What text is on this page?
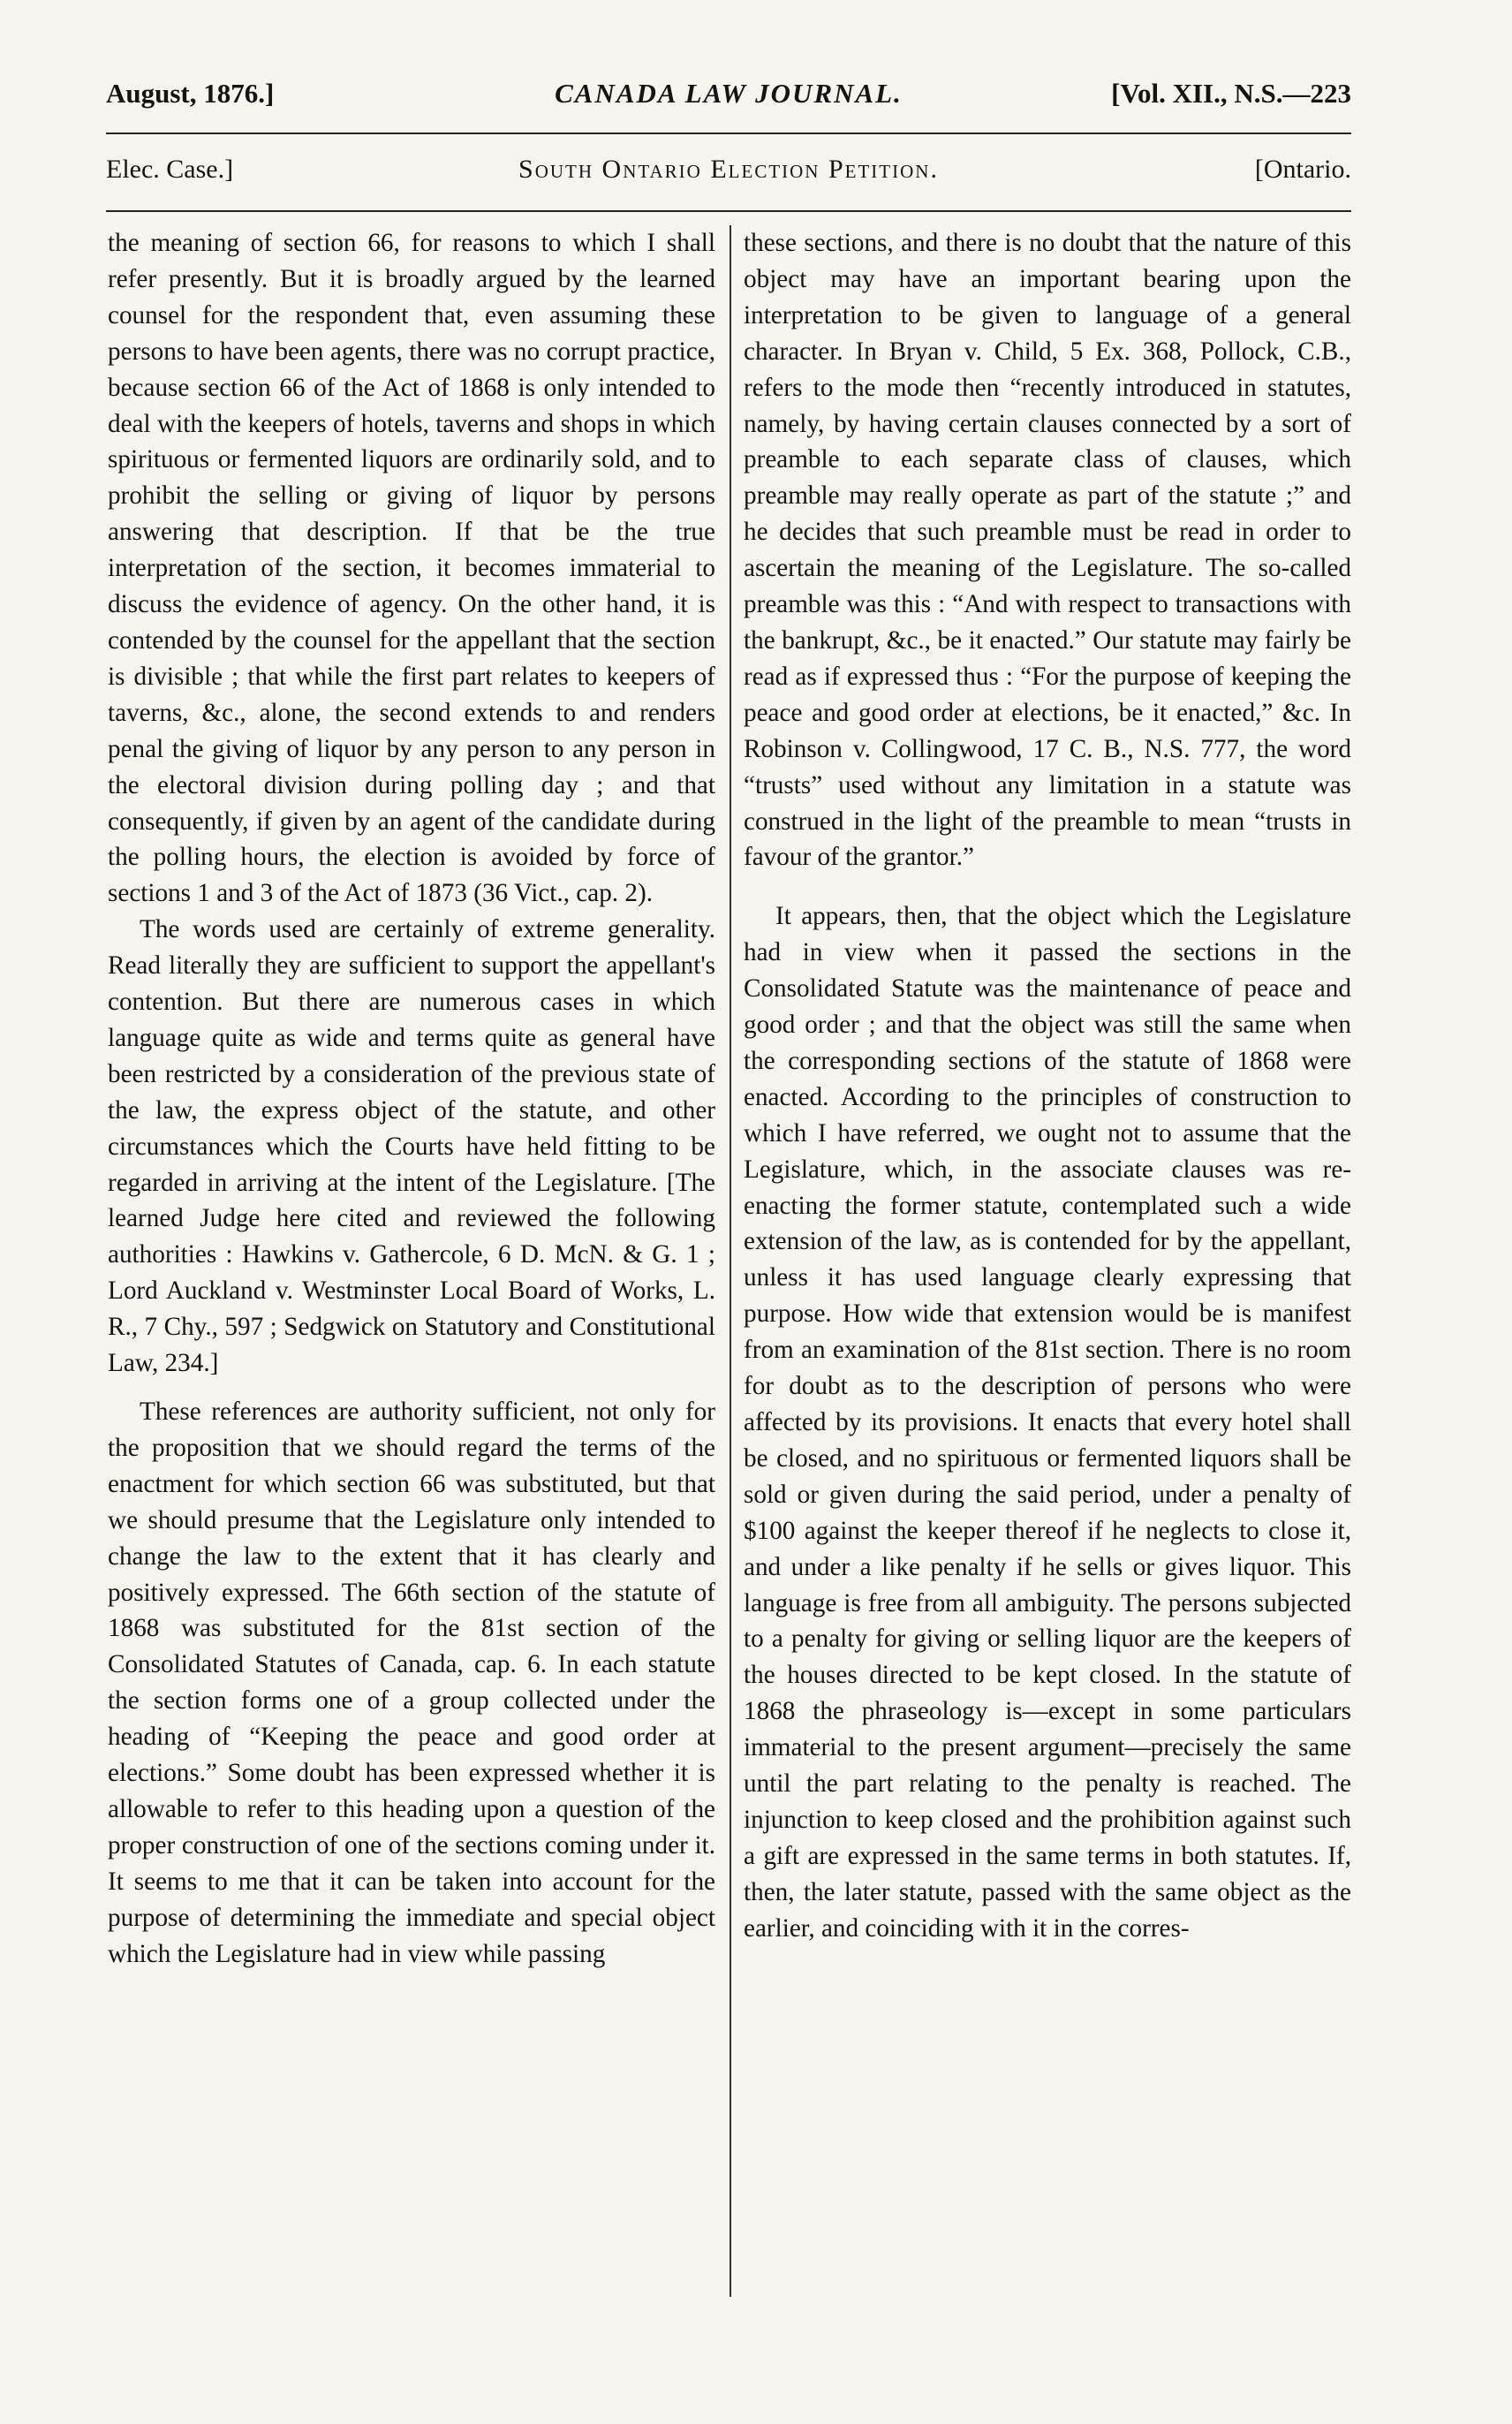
August, 1876.]	CANADA LAW JOURNAL.	[Vol. XII., N.S.—223
Elec. Case.]	South Ontario Election Petition.	[Ontario.

the meaning of section 66, for reasons to which I shall refer presently. But it is broadly argued by the learned counsel for the respondent that, even assuming these persons to have been agents, there was no corrupt practice, because section 66 of the Act of 1868 is only intended to deal with the keepers of hotels, taverns and shops in which spirituous or fermented liquors are ordinarily sold, and to prohibit the selling or giving of liquor by persons answering that description. If that be the true interpretation of the section, it becomes immaterial to discuss the evidence of agency. On the other hand, it is contended by the counsel for the appellant that the section is divisible ; that while the first part relates to keepers of taverns, &c., alone, the second extends to and renders penal the giving of liquor by any person to any person in the electoral division during polling day ; and that consequently, if given by an agent of the candidate during the polling hours, the election is avoided by force of sections 1 and 3 of the Act of 1873 (36 Vict., cap. 2).

The words used are certainly of extreme generality. Read literally they are sufficient to support the appellant's contention. But there are numerous cases in which language quite as wide and terms quite as general have been restricted by a consideration of the previous state of the law, the express object of the statute, and other circumstances which the Courts have held fitting to be regarded in arriving at the intent of the Legislature. [The learned Judge here cited and reviewed the following authorities : Hawkins v. Gathercole, 6 D. McN. & G. 1 ; Lord Auckland v. Westminster Local Board of Works, L. R., 7 Chy., 597 ; Sedgwick on Statutory and Constitutional Law, 234.]

These references are authority sufficient, not only for the proposition that we should regard the terms of the enactment for which section 66 was substituted, but that we should presume that the Legislature only intended to change the law to the extent that it has clearly and positively expressed. The 66th section of the statute of 1868 was substituted for the 81st section of the Consolidated Statutes of Canada, cap. 6. In each statute the section forms one of a group collected under the heading of “Keeping the peace and good order at elections.” Some doubt has been expressed whether it is allowable to refer to this heading upon a question of the proper construction of one of the sections coming under it. It seems to me that it can be taken into account for the purpose of determining the immediate and special object which the Legislature had in view while passing

these sections, and there is no doubt that the nature of this object may have an important bearing upon the interpretation to be given to language of a general character. In Bryan v. Child, 5 Ex. 368, Pollock, C.B., refers to the mode then “recently introduced in statutes, namely, by having certain clauses connected by a sort of preamble to each separate class of clauses, which preamble may really operate as part of the statute ;” and he decides that such preamble must be read in order to ascertain the meaning of the Legislature. The so-called preamble was this : “And with respect to transactions with the bankrupt, &c., be it enacted.” Our statute may fairly be read as if expressed thus : “For the purpose of keeping the peace and good order at elections, be it enacted,” &c. In Robinson v. Collingwood, 17 C. B., N.S. 777, the word “trusts” used without any limitation in a statute was construed in the light of the preamble to mean “trusts in favour of the grantor.”

It appears, then, that the object which the Legislature had in view when it passed the sections in the Consolidated Statute was the maintenance of peace and good order ; and that the object was still the same when the corresponding sections of the statute of 1868 were enacted. According to the principles of construction to which I have referred, we ought not to assume that the Legislature, which, in the associate clauses was re-enacting the former statute, contemplated such a wide extension of the law, as is contended for by the appellant, unless it has used language clearly expressing that purpose. How wide that extension would be is manifest from an examination of the 81st section. There is no room for doubt as to the description of persons who were affected by its provisions. It enacts that every hotel shall be closed, and no spirituous or fermented liquors shall be sold or given during the said period, under a penalty of $100 against the keeper thereof if he neglects to close it, and under a like penalty if he sells or gives liquor. This language is free from all ambiguity. The persons subjected to a penalty for giving or selling liquor are the keepers of the houses directed to be kept closed. In the statute of 1868 the phraseology is—except in some particulars immaterial to the present argument—precisely the same until the part relating to the penalty is reached. The injunction to keep closed and the prohibition against such a gift are expressed in the same terms in both statutes. If, then, the later statute, passed with the same object as the earlier, and coinciding with it in the corres-
